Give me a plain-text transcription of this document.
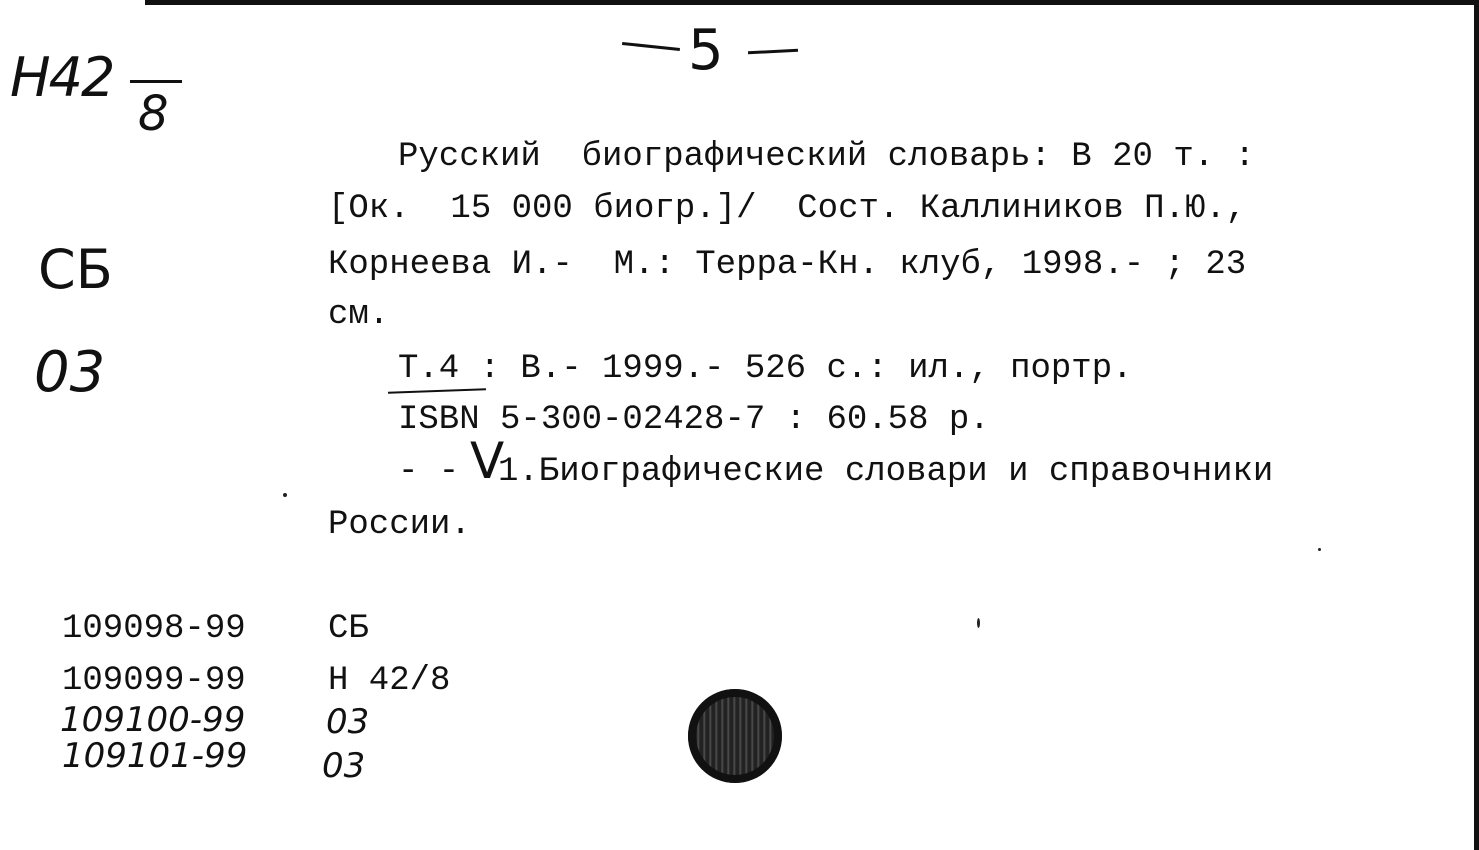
5
Н42
8
СБ
03
Русский  биографический словарь: В 20 т. :
[Ок.  15 000 биогр.]/  Сост. Каллиников П.Ю.,
Корнеева И.-  М.: Терра-Кн. клуб, 1998.- ; 23
см.
Т.4 : В.- 1999.- 526 с.: ил., портр.
ISBN 5-300-02428-7 : 60.58 р.
- - V
1.Биографические словари и справочники
России.
109098-99 СБ
109099-99 Н 42/8
109100-99 03
109101-99 03
